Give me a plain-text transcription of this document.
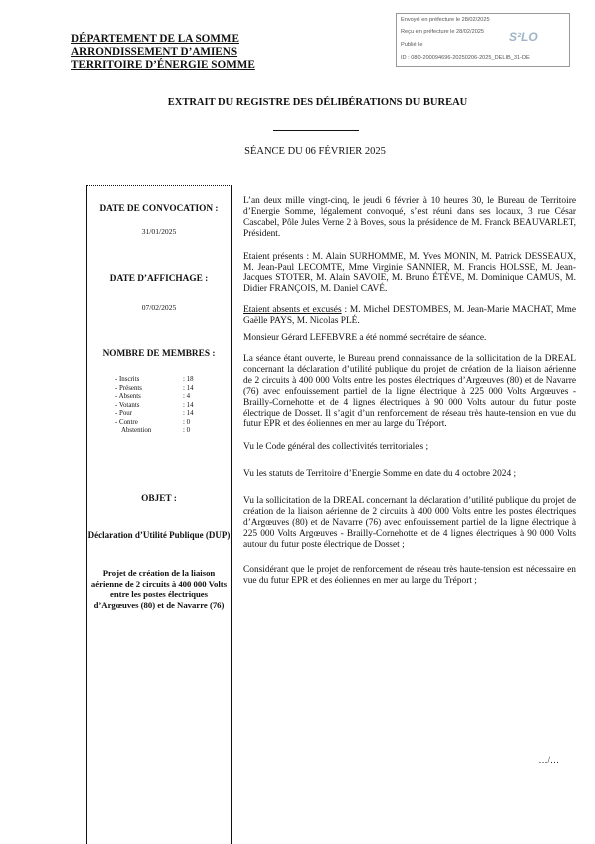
DÉPARTEMENT DE LA SOMME
ARRONDISSEMENT D’AMIENS
TERRITOIRE D’ÉNERGIE SOMME
Envoyé en préfecture le 28/02/2025
Reçu en préfecture le 28/02/2025
Publié le
ID : 080-200094696-20250206-2025_DELIB_31-DE
S²LO
EXTRAIT DU REGISTRE DES DÉLIBÉRATIONS DU BUREAU
SÉANCE DU 06 FÉVRIER 2025
DATE DE CONVOCATION :
31/01/2025
DATE D’AFFICHAGE :
07/02/2025
NOMBRE DE MEMBRES :
- Inscrits	: 18
- Présents	: 14
- Absents	: 4
- Votants	: 14
- Pour	: 14
- Contre	: 0
Abstention	: 0
OBJET :
Déclaration d’Utilité Publique (DUP)
Projet de création de la liaison aérienne de 2 circuits à 400 000 Volts entre les postes électriques d’Argœuves (80) et de Navarre (76)

L’an deux mille vingt-cinq, le jeudi 6 février à 10 heures 30, le Bureau de Territoire d’Energie Somme, légalement convoqué, s’est réuni dans ses locaux, 3 rue César Cascabel, Pôle Jules Verne 2 à Boves, sous la présidence de M. Franck BEAUVARLET, Président.

Etaient présents : M. Alain SURHOMME, M. Yves MONIN, M. Patrick DESSEAUX, M. Jean-Paul LECOMTE, Mme Virginie SANNIER, M. Francis HOLSSE, M. Jean-Jacques STOTER, M. Alain SAVOIE, M. Bruno ÉTÈVE, M. Dominique CAMUS, M. Didier FRANÇOIS, M. Daniel CAVÉ.

Etaient absents et excusés : M. Michel DESTOMBES, M. Jean-Marie MACHAT, Mme Gaëlle PAYS, M. Nicolas PLÉ.

Monsieur Gérard LEFEBVRE a été nommé secrétaire de séance.

La séance étant ouverte, le Bureau prend connaissance de la sollicitation de la DREAL concernant la déclaration d’utilité publique du projet de création de la liaison aérienne de 2 circuits à 400 000 Volts entre les postes électriques d’Argœuves (80) et de Navarre (76) avec enfouissement partiel de la ligne électrique à 225 000 Volts Argœuves - Brailly-Cornehotte et de 4 lignes électriques à 90 000 Volts autour du futur poste électrique de Dosset. Il s’agit d’un renforcement de réseau très haute-tension en vue du futur EPR et des éoliennes en mer au large du Tréport.

Vu le Code général des collectivités territoriales ;

Vu les statuts de Territoire d’Energie Somme en date du 4 octobre 2024 ;

Vu la sollicitation de la DREAL concernant la déclaration d’utilité publique du projet de création de la liaison aérienne de 2 circuits à 400 000 Volts entre les postes électriques d’Argœuves (80) et de Navarre (76) avec enfouissement partiel de la ligne électrique à 225 000 Volts Argœuves - Brailly-Cornehotte et de 4 lignes électriques à 90 000 Volts autour du futur poste électrique de Dosset ;

Considérant que le projet de renforcement de réseau très haute-tension est nécessaire en vue du futur EPR et des éoliennes en mer au large du Tréport ;

…/…
